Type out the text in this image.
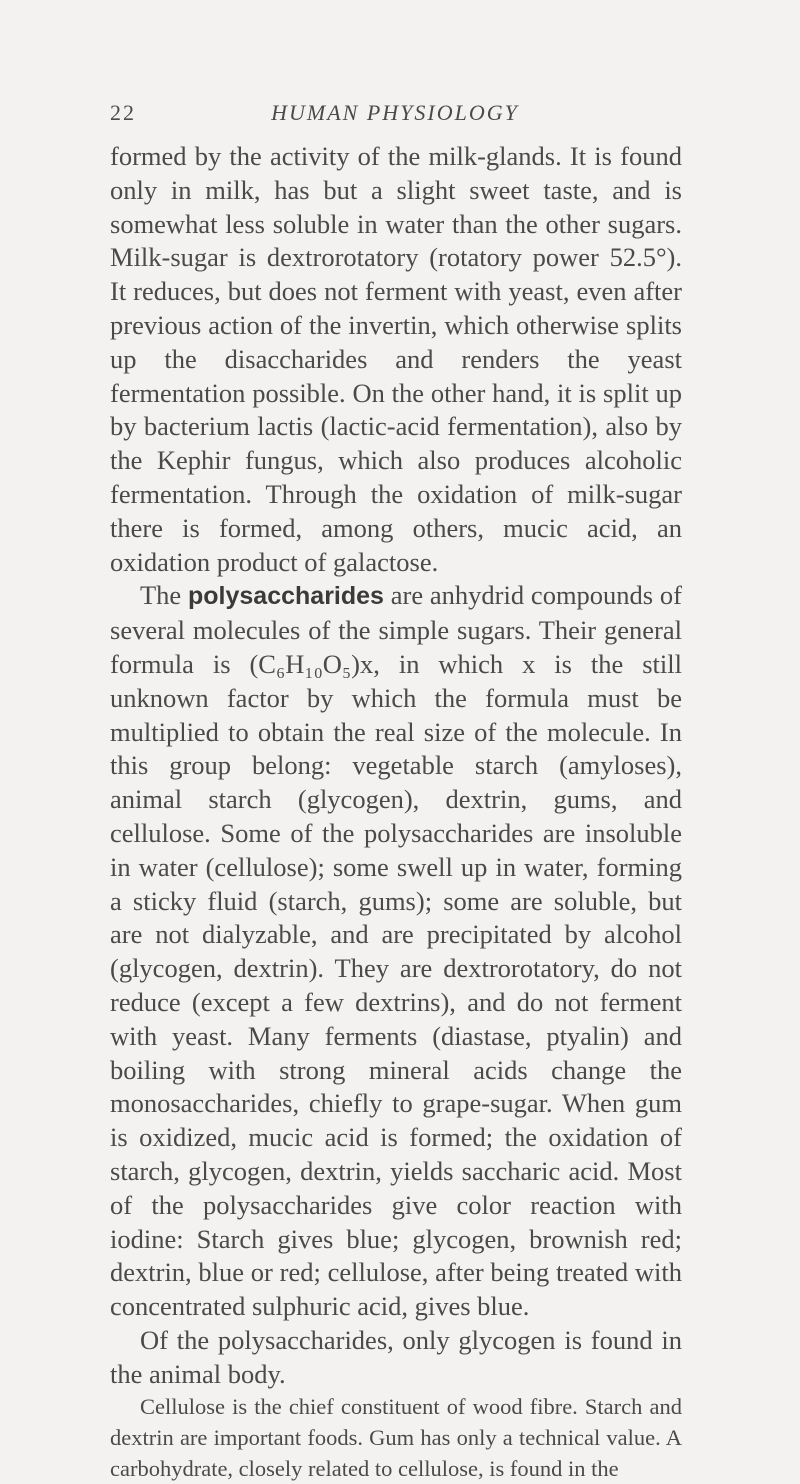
22	HUMAN PHYSIOLOGY

formed by the activity of the milk-glands. It is found only in milk, has but a slight sweet taste, and is somewhat less soluble in water than the other sugars. Milk-sugar is dextrorotatory (rotatory power 52.5°). It reduces, but does not ferment with yeast, even after previous action of the invertin, which otherwise splits up the disaccharides and renders the yeast fermentation possible. On the other hand, it is split up by bacterium lactis (lactic-acid fermentation), also by the Kephir fungus, which also produces alcoholic fermentation. Through the oxidation of milk-sugar there is formed, among others, mucic acid, an oxidation product of galactose.

The polysaccharides are anhydrid compounds of several molecules of the simple sugars. Their general formula is (C₆H₁₀O₅)x, in which x is the still unknown factor by which the formula must be multiplied to obtain the real size of the molecule. In this group belong: vegetable starch (amyloses), animal starch (glycogen), dextrin, gums, and cellulose. Some of the polysaccharides are insoluble in water (cellulose); some swell up in water, forming a sticky fluid (starch, gums); some are soluble, but are not dialyzable, and are precipitated by alcohol (glycogen, dextrin). They are dextrorotatory, do not reduce (except a few dextrins), and do not ferment with yeast. Many ferments (diastase, ptyalin) and boiling with strong mineral acids change the monosaccharides, chiefly to grape-sugar. When gum is oxidized, mucic acid is formed; the oxidation of starch, glycogen, dextrin, yields saccharic acid. Most of the polysaccharides give color reaction with iodine: Starch gives blue; glycogen, brownish red; dextrin, blue or red; cellulose, after being treated with concentrated sulphuric acid, gives blue.

Of the polysaccharides, only glycogen is found in the animal body.

Cellulose is the chief constituent of wood fibre. Starch and dextrin are important foods. Gum has only a technical value. A carbohydrate, closely related to cellulose, is found in the
